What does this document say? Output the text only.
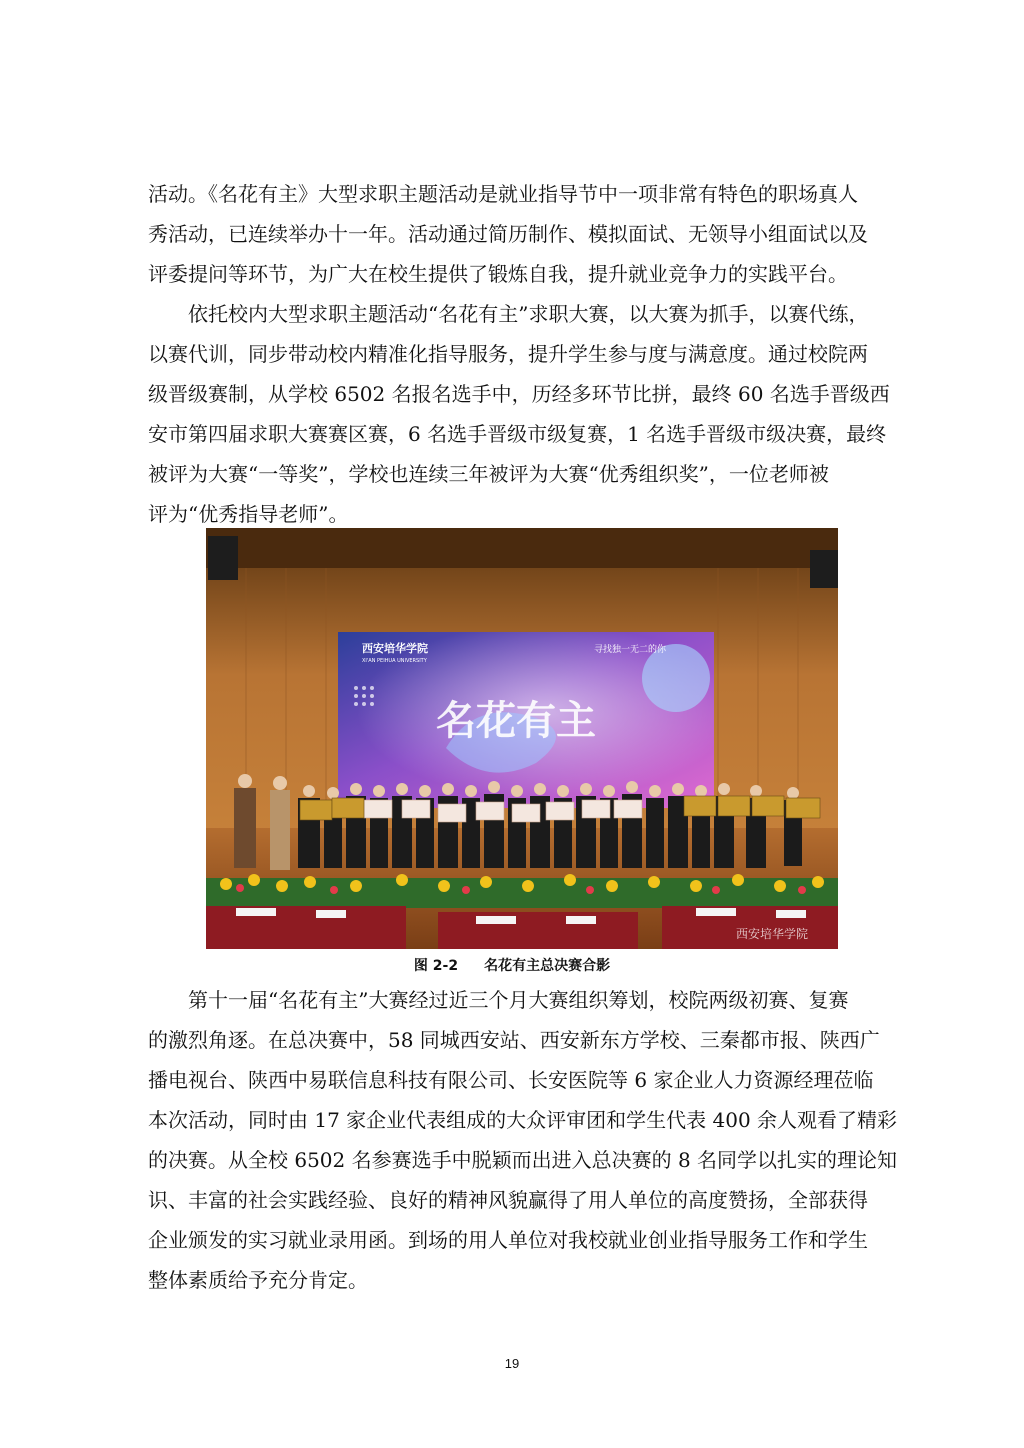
活动。《名花有主》大型求职主题活动是就业指导节中一项非常有特色的职场真人
秀活动，已连续举办十一年。活动通过简历制作、模拟面试、无领导小组面试以及
评委提问等环节，为广大在校生提供了锻炼自我，提升就业竞争力的实践平台。
依托校内大型求职主题活动“名花有主”求职大赛，以大赛为抓手，以赛代练，
以赛代训，同步带动校内精准化指导服务，提升学生参与度与满意度。通过校院两
级晋级赛制，从学校 6502 名报名选手中，历经多环节比拼，最终 60 名选手晋级西
安市第四届求职大赛赛区赛，6 名选手晋级市级复赛，1 名选手晋级市级决赛，最终
被评为大赛“一等奖”，学校也连续三年被评为大赛“优秀组织奖”，一位老师被
评为“优秀指导老师”。
西安培华学院
XI'AN PEIHUA UNIVERSITY
寻找独一无二的你
名花有主
西安培华学院
图 2-2 名花有主总决赛合影
第十一届“名花有主”大赛经过近三个月大赛组织筹划，校院两级初赛、复赛
的激烈角逐。在总决赛中，58 同城西安站、西安新东方学校、三秦都市报、陕西广
播电视台、陕西中易联信息科技有限公司、长安医院等 6 家企业人力资源经理莅临
本次活动，同时由 17 家企业代表组成的大众评审团和学生代表 400 余人观看了精彩
的决赛。从全校 6502 名参赛选手中脱颖而出进入总决赛的 8 名同学以扎实的理论知
识、丰富的社会实践经验、良好的精神风貌赢得了用人单位的高度赞扬，全部获得
企业颁发的实习就业录用函。到场的用人单位对我校就业创业指导服务工作和学生
整体素质给予充分肯定。
19
